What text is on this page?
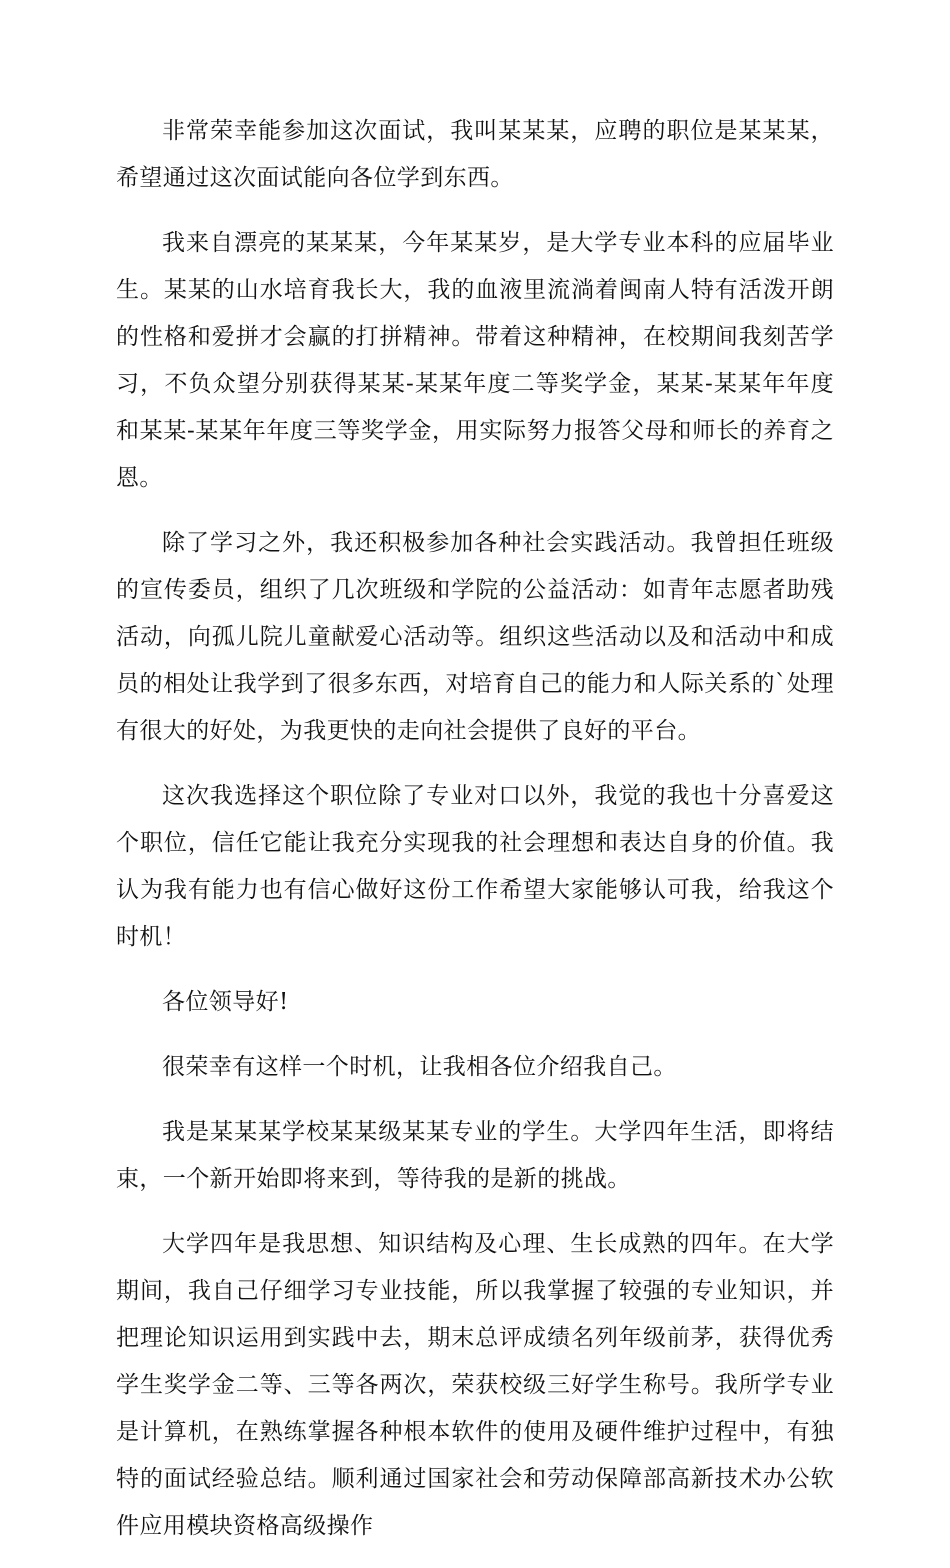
非常荣幸能参加这次面试，我叫某某某，应聘的职位是某某某，希望通过这次面试能向各位学到东西。

我来自漂亮的某某某，今年某某岁，是大学专业本科的应届毕业生。某某的山水培育我长大，我的血液里流淌着闽南人特有活泼开朗的性格和爱拼才会赢的打拼精神。带着这种精神，在校期间我刻苦学习，不负众望分别获得某某-某某年度二等奖学金，某某-某某年年度和某某-某某年年度三等奖学金，用实际努力报答父母和师长的养育之恩。

除了学习之外，我还积极参加各种社会实践活动。我曾担任班级的宣传委员，组织了几次班级和学院的公益活动：如青年志愿者助残活动，向孤儿院儿童献爱心活动等。组织这些活动以及和活动中和成员的相处让我学到了很多东西，对培育自己的能力和人际关系的`处理有很大的好处，为我更快的走向社会提供了良好的平台。

这次我选择这个职位除了专业对口以外，我觉的我也十分喜爱这个职位，信任它能让我充分实现我的社会理想和表达自身的价值。我认为我有能力也有信心做好这份工作希望大家能够认可我，给我这个时机！

各位领导好!

很荣幸有这样一个时机，让我相各位介绍我自己。

我是某某某学校某某级某某专业的学生。大学四年生活，即将结束，一个新开始即将来到，等待我的是新的挑战。

大学四年是我思想、知识结构及心理、生长成熟的四年。在大学期间，我自己仔细学习专业技能，所以我掌握了较强的专业知识，并把理论知识运用到实践中去，期末总评成绩名列年级前茅，获得优秀学生奖学金二等、三等各两次，荣获校级三好学生称号。我所学专业是计算机，在熟练掌握各种根本软件的使用及硬件维护过程中，有独特的面试经验总结。顺利通过国家社会和劳动保障部高新技术办公软件应用模块资格高级操作
